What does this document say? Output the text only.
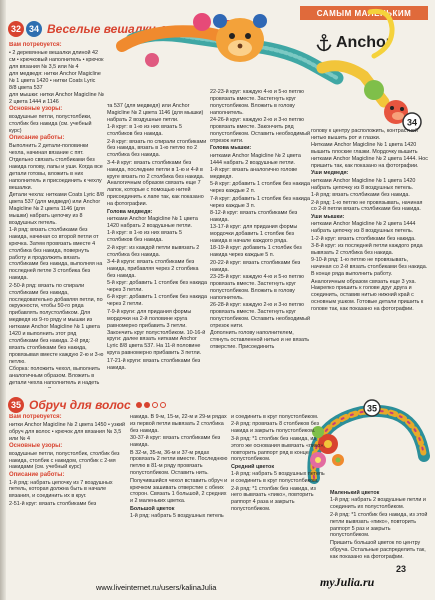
32 34 Веселые вешалки
САМЫМ МАЛЕНЬКИМ
Anchor
34

Вам потребуется:

• 2 деревянные вешалки длиной 42 см • крючковый наполнитель • крючок для вязания № 3,5 или № 4

для медведя: нитки Anchor Magicline № 1 цвета 1420 • нитки Coats Lyric 8/8 цвета 537

для мышки: нитки Anchor Magicline № 2 цвета 1444 и 1146

Основные узоры:

воздушные петли, полустолбики, столбик без накида (см. учебный курс)

Описание работы:

Выполнить 2 детали-половинки чехла, начиная вязание с пят. Отдельно связать столбиками без накида голову, лапы и уши. Когда все детали готовы, вложить в них наполнитель и присоединить к чехлу вешалки.

Детали чехла: нитками Coats Lyric 8/8 цвета 537 (для медведя) или Anchor Magicline № 2 цвета 1146 (для мышки) набрать цепочку из 8 воздушных петель.

1-й ряд: вязать столбиками без накида, начиная со второй петли от крючка. Затем провязать вместе 4 столбика без накида, повернуть работу и продолжить вязать столбиками без накида, выполняя на последней петле 3 столбика без накида.

2-50-й ряд: вязать по спирали столбиками без накида, последовательно добавляя петли, по окружности, чтобы 50-го ряда прибавлять полустолбиком. Для медведя из 9-го ряду и мышки из нитками Anchor Magicline № 1 цвета 1420 и выполнить этот ряд столбиками без накида. 2-й ряд: вязать столбиками без накида, провязывая вместе каждую 2-ю и 3-ю петлю.

Сборка: положить чехол, выполнить аналогичным образом. Вложить в детали чехла наполнитель и надеть

та 537 (для медведя) или Anchor Magicline № 2 цвета 1146 (для мышки) набрать 2 воздушные петли.

1-й круг: в 1-ю из них вязать 5 столбиков без накида.

2-й круг: вязать по спирали столбиками без накида, вязать в 1-ю петлю по 2 столбика без накида.

3-4-й круг: вязать столбиками без накида, последние петли в 1-ю и 4-й в круге вязать по 2 столбика без накида. Аналогичным образом связать еще 7 лапок, которые с помощью нитей присоединить к лапе так, как показано на фотографии.

Голова медведя:

нитками Anchor Magicline № 1 цвета 1420 набрать 2 воздушные петли.

1-й круг: в 1-ю из них вязать 5 столбиков без накида.

2-й круг: из каждой петли вывязать 2 столбика без накида.

3-4-й круги: вязать столбиками без накида, прибавляя через 2 столбика без накида.

5-й круг: добавить 1 столбик без накида через 3 петли.

6-й круг: добавить 1 столбик без накида через 2 петли.

7-9-й круги: для придания формы мордочки на 2-й половине круга равномерно прибавить 3 петли. Закончить круг полустолбиком. 10-16-й круги: далее вязать нитками Anchor Lyric 8/8 цвета 537. На 11-й половине круга равномерно прибавить 3 петли.

17-21-й круги: вязать столбиками без накида.

22-23-й круг: каждую 4-ю и 5-ю петлю провязать вместе. Застегнуть круг полустолбиком. Вложить в голову наполнитель.

24-26-й круг: каждую 2-ю и 3-ю петлю провязать вместе. Закончить ряд полустолбиком. Оставить необходимый отрезок нити.

Голова мышки:

нитками Anchor Magicline № 2 цвета 1444 набрать 2 воздушные петли.

1-й круг: вязать аналогично голове медведя.

5-й круг: добавить 1 столбик без накида через каждые 2 п.

7-й круг: добавить 1 столбик без накида через каждые 3 п.

8-12-й круг: вязать столбиками без накида.

13-17-й круг: для придания формы мордочки добавить 1 столбик без накида в начале каждого ряда.

18-19-й круг: добавить 1 столбик без накида через каждые 5 п.

20-22-й круг: вязать столбиками без накида.

23-25-й круг: каждую 4-ю и 5-ю петлю провязать вместе. Застегнуть круг полустолбиком. Вложить в голову наполнитель.

26-28-й круг: каждую 2-ю и 3-ю петлю провязать вместе. Застегнуть круг полустолбиком. Оставить необходимый отрезок нити.

Дополнить голову наполнителем, стянуть оставленной нитью и не вязать отверстие. Присоединить

голову к центру расположить, контрастной нитью вышить рот и глазки.

Нитками Anchor Magicline № 1 цвета 1420 вышить плоские глазки. Мордочку вышить нитками Anchor Magicline № 2 цвета 1444. Нос пришить так, как показано на фотографии.

Уши медведя:

нитками Anchor Magicline № 1 цвета 1420 набрать цепочку из 8 воздушных петель.

1-й ряд: вязать столбиками без накида.

2-й ряд: 1-ю петлю не провязывать, начиная со 2-й петли вязать столбиками без накида.

Уши мышки:

нитками Anchor Magicline № 2 цвета 1444 набрать цепочку из 8 воздушных петель.

1-2-й круг: вязать столбиками без накида.

3-8-й круг: из последней петли каждого ряда вывязать 2 столбика без накида.

9-10-й ряд: 1-ю петлю не провязывать, начиная со 2-й вязать столбиками без накида. В конце ряда выполнить работу.

Аналогичным образом связать еще 3 уха. Накрепко пришить к голове друг друга и соединить, оставив нитью нижний край с основным ушком. Готовые детали пришить к голове так, как показано на фотографии.

35 Обруч для волос	35

Вам потребуется:

нитки Anchor Magicline № 2 цвета 1450 • узкий обруч для волос • крючок для вязания № 3,5 или № 4

Основные узоры:

воздушные петли, полустолбик, столбик без накида, столбик с накидом, столбик с 2-мя накидами (см. учебный курс)

Описание работы:

1-й ряд: набрать цепочку из 7 воздушных петель, которая должна быть в начале вязания, и соединить их в круг.

2-51-й круг: вязать столбиками без

накида. В 9-м, 15-м, 22-м и 29-м рядах из первой петли вывязать 2 столбика без накида.

30-37-й круг: вязать столбиками без накида.

В 32-м, 35-м, 36-м и 37-м рядах провязать 2 петли вместе. Последнюю петлю в 81-м ряду провязать полустолбиком. Оставить нить.

Получившийся чехол вставить обруч и крючком зашивать отверстие с обеих сторон. Связать 1 большой, 2 средних и 2 маленьких цветка.

Большой цветок

1-й ряд: набрать 5 воздушных петель

и соединить в круг полустолбиком.

2-й ряд: провязать 8 столбиков без накида и закрыть полустолбиком.

3-й ряд: *1 столбик без накида, из этого же основания вывязать «пико», повторить раппорт ряд в конце полустолбиком.

Средний цветок

1-й ряд: набрать 5 воздушных петель и соединить в круг полустолбиком.

2-й ряд: *1 столбик без накида, из него вывязать «пико», повторить раппорт 4 раза и закрыть полустолбиком.

Маленький цветок

1-й ряд: набрать 2 воздушные петли и соединить их полустолбиком.

2-й ряд: *1 столбик без накида, из этой петли вывязать «пико», повторить раппорт 5 раз и закрыть полустолбиком.

Пришить большой цветок по центру обруча. Остальные распределить так, как показано на фотографии.

23
www.liveinternet.ru/users/kalinaJulia	myJulia.ru
